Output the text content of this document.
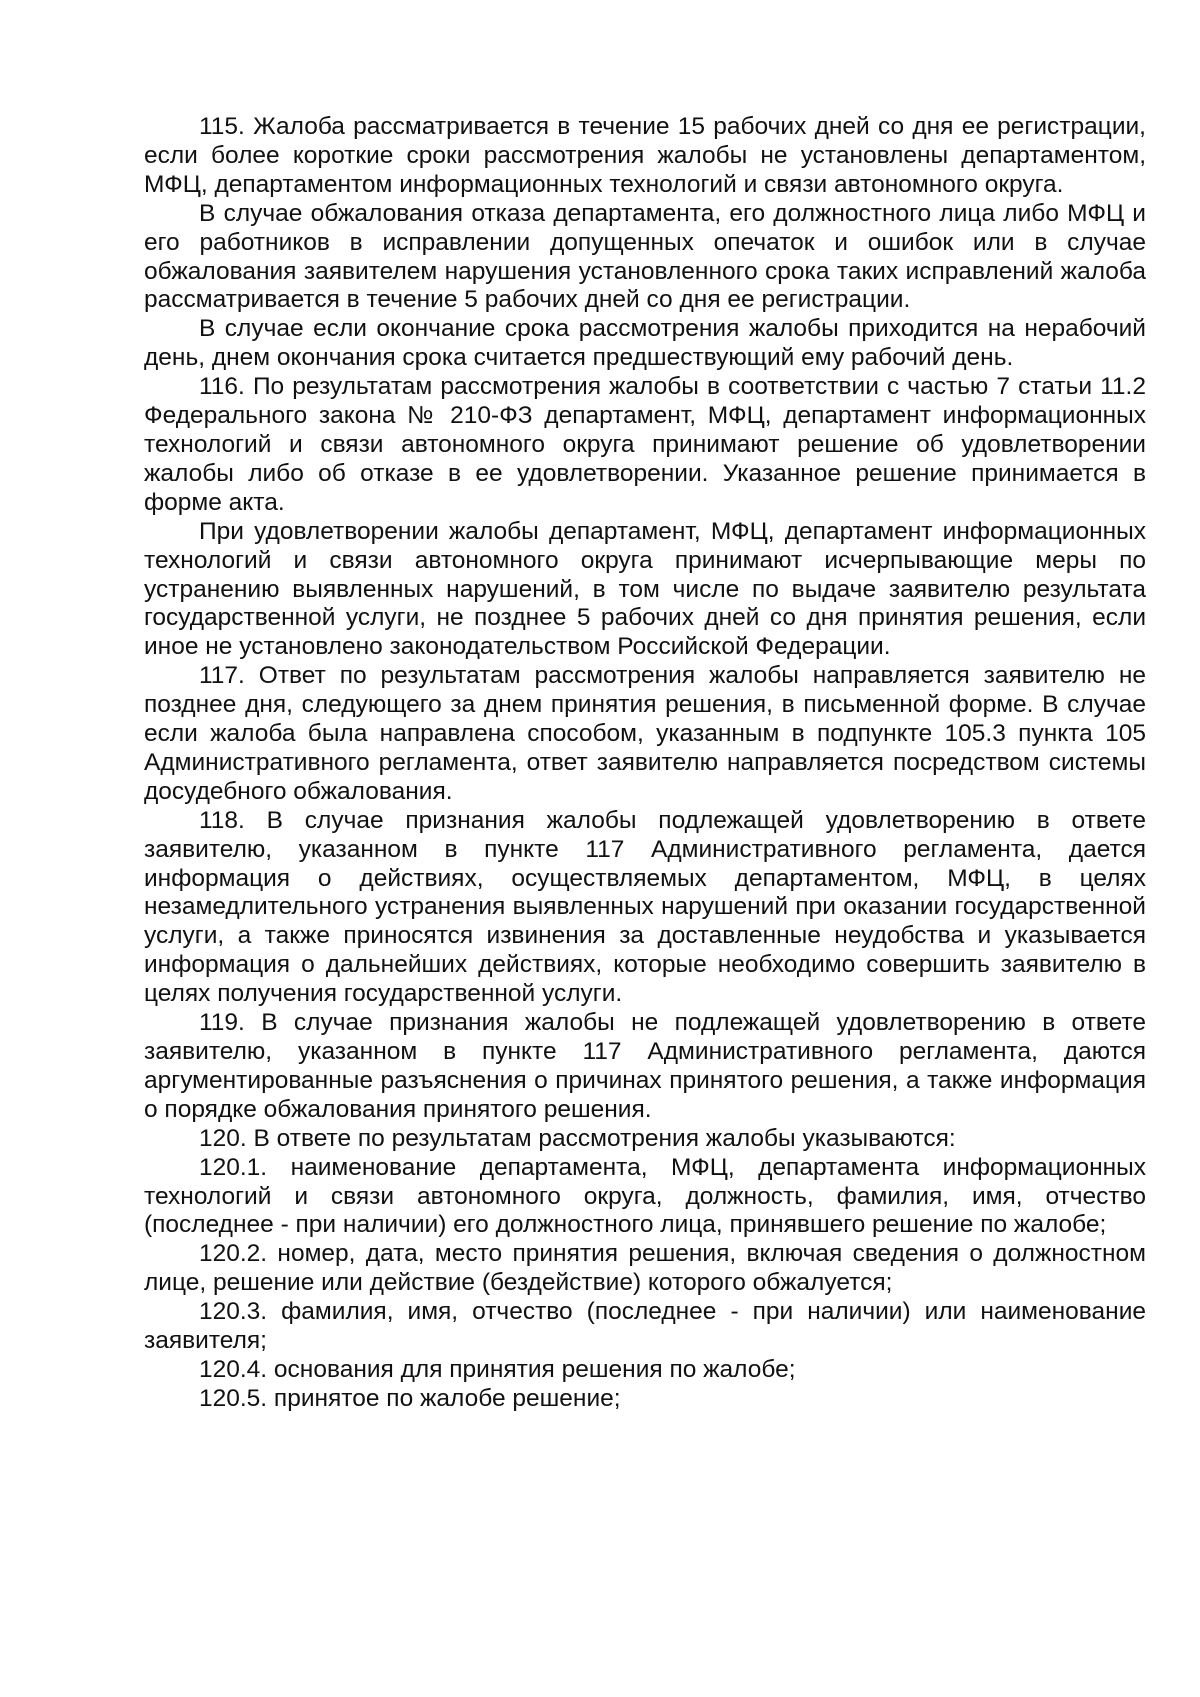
115. Жалоба рассматривается в течение 15 рабочих дней со дня ее регистрации, если более короткие сроки рассмотрения жалобы не установлены департаментом, МФЦ, департаментом информационных технологий и связи автономного округа.

В случае обжалования отказа департамента, его должностного лица либо МФЦ и его работников в исправлении допущенных опечаток и ошибок или в случае обжалования заявителем нарушения установленного срока таких исправлений жалоба рассматривается в течение 5 рабочих дней со дня ее регистрации.

В случае если окончание срока рассмотрения жалобы приходится на нерабочий день, днем окончания срока считается предшествующий ему рабочий день.

116. По результатам рассмотрения жалобы в соответствии с частью 7 статьи 11.2 Федерального закона № 210-ФЗ департамент, МФЦ, департамент информационных технологий и связи автономного округа принимают решение об удовлетворении жалобы либо об отказе в ее удовлетворении. Указанное решение принимается в форме акта.

При удовлетворении жалобы департамент, МФЦ, департамент информационных технологий и связи автономного округа принимают исчерпывающие меры по устранению выявленных нарушений, в том числе по выдаче заявителю результата государственной услуги, не позднее 5 рабочих дней со дня принятия решения, если иное не установлено законодательством Российской Федерации.

117. Ответ по результатам рассмотрения жалобы направляется заявителю не позднее дня, следующего за днем принятия решения, в письменной форме. В случае если жалоба была направлена способом, указанным в подпункте 105.3 пункта 105 Административного регламента, ответ заявителю направляется посредством системы досудебного обжалования.

118. В случае признания жалобы подлежащей удовлетворению в ответе заявителю, указанном в пункте 117 Административного регламента, дается информация о действиях, осуществляемых департаментом, МФЦ, в целях незамедлительного устранения выявленных нарушений при оказании государственной услуги, а также приносятся извинения за доставленные неудобства и указывается информация о дальнейших действиях, которые необходимо совершить заявителю в целях получения государственной услуги.

119. В случае признания жалобы не подлежащей удовлетворению в ответе заявителю, указанном в пункте 117 Административного регламента, даются аргументированные разъяснения о причинах принятого решения, а также информация о порядке обжалования принятого решения.

120. В ответе по результатам рассмотрения жалобы указываются:

120.1. наименование департамента, МФЦ, департамента информационных технологий и связи автономного округа, должность, фамилия, имя, отчество (последнее - при наличии) его должностного лица, принявшего решение по жалобе;

120.2. номер, дата, место принятия решения, включая сведения о должностном лице, решение или действие (бездействие) которого обжалуется;

120.3. фамилия, имя, отчество (последнее - при наличии) или наименование заявителя;

120.4. основания для принятия решения по жалобе;

120.5. принятое по жалобе решение;
